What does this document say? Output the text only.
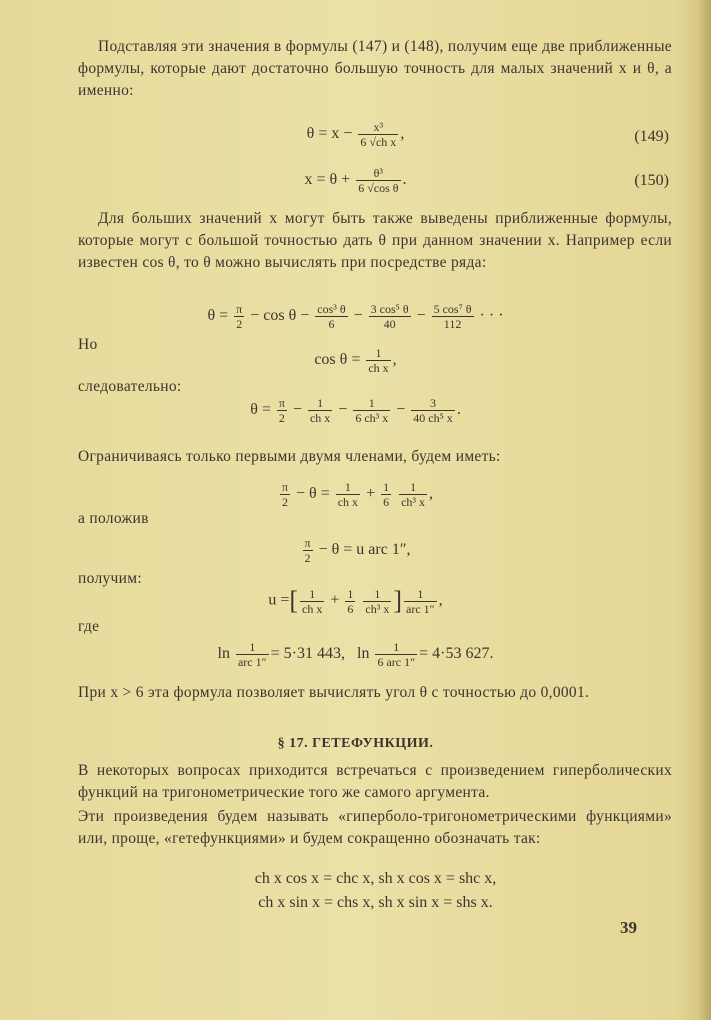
Подставляя эти значения в формулы (147) и (148), получим еще две приближенные формулы, которые дают достаточно большую точность для малых значений x и θ, а именно:
$\theta = x - \frac{\text{x³}}{\text{6 √ch x}}$ ,	(149)
$x = \theta + \frac{\text{θ³}}{\text{6 √cos θ}}$ .	(150)
Для больших значений x могут быть также выведены приближенные формулы, которые могут с большой точностью дать θ при данном значении x. Например если известен cos θ, то θ можно вычислять при посредстве ряда:
$\theta = \frac{\pi}{2} - \cos \theta - \frac{\text{cos³ θ}}{6} - \frac{\text{3 cos⁵ θ}}{40} - \frac{\text{5 cos⁷ θ}}{112}$ · · ·
Но
$\cos \theta = \frac{1}{\text{ch x}}$ ,
следовательно:
$\theta = \frac{\pi}{2} - \frac{1}{\text{ch x}} - \frac{1}{\text{6 ch³ x}} - \frac{3}{\text{40 ch⁵ x}}$ .
Ограничиваясь только первыми двумя членами, будем иметь:
$\frac{\pi}{2} - \theta = \frac{1}{\text{ch x}} + \frac{1}{6}$
$\frac{1}{\text{ch³ x}}$ ,
а положив
$\frac{\pi}{2} - \theta = u$ arc 1″,
получим:
u =[ $\frac{1}{\text{ch x}} + \frac{1}{6}$
$\frac{1}{\text{ch³ x}}$ ] $\frac{1}{\text{arc 1″}}$ ,
где
$\ln \frac{1}{\text{arc 1″}} = 5\cdot 31$ 443, $\ln \frac{1}{\text{6 arc 1″}} = 4\cdot 53$ 627.
При x > 6 эта формула позволяет вычислять угол θ с точностью до 0,0001.
§ 17. ГЕТЕФУНКЦИИ.
В некоторых вопросах приходится встречаться с произведением гиперболических функций на тригонометрические того же самого аргумента.
Эти произведения будем называть «гиперболо-тригонометрическими функциями» или, проще, «гетефункциями» и будем сокращенно обозначать так:
ch x cos x = chc x, sh x cos x = shc x,
ch x sin x = chs x, sh x sin x = shs x.
39
